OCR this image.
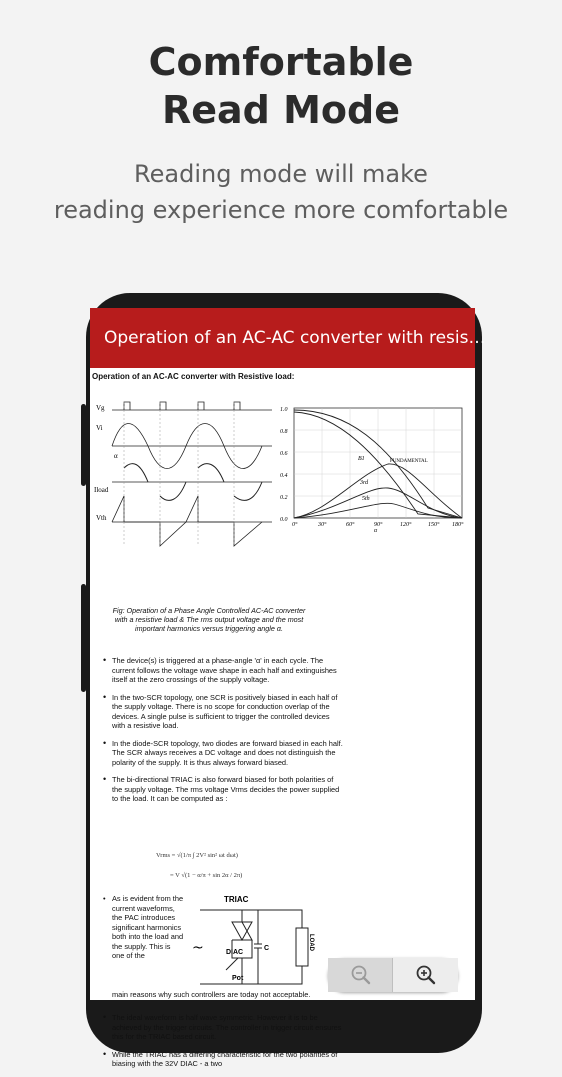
Comfortable
Read Mode
Reading mode will make
reading experience more comfortable
Operation of an AC-AC converter with resis…
Operation of an AC-AC converter with Resistive load:
Vg
Vi
α
Iload
Vth
1.0
0.8
0.6
0.4
0.2
0.0
0°	30°	60°	90°	120°	150° 180°
α
FUNDAMENTAL
B1
3rd
5th
Fig: Operation of a Phase Angle Controlled AC-AC converter
with a resistive load & The rms output voltage and the most
important harmonics versus triggering angle α.
• The device(s) is triggered at a phase-angle 'α' in each cycle. The current follows the voltage wave shape in each half and extinguishes itself at the zero crossings of the supply voltage.
• In the two-SCR topology, one SCR is positively biased in each half of the supply voltage. There is no scope for conduction overlap of the devices. A single pulse is sufficient to trigger the controlled devices with a resistive load.
• In the diode-SCR topology, two diodes are forward biased in each half. The SCR always receives a DC voltage and does not distinguish the polarity of the supply. It is thus always forward biased.
• The bi-directional TRIAC is also forward biased for both polarities of the supply voltage. The rms voltage Vrms decides the power supplied to the load. It can be computed as :
Vrms = √(1/π ∫ 2V² sin² ωt dωt)
= V √(1 − α/π + sin 2α / 2π)
• As is evident from the current waveforms, the PAC introduces significant harmonics both into the load and the supply. This is one of the
TRIAC
DIAC
C
Pot
~	LOAD
main reasons why such controllers are today not acceptable.
• The ideal waveform is half wave symmetric. However it is to be achieved by the trigger circuits. The controller in trigger circuit ensures this for the TRIAC based circuit.
• While the TRIAC has a differing characteristic for the two polarities of biasing with the 32V DIAC - a two
